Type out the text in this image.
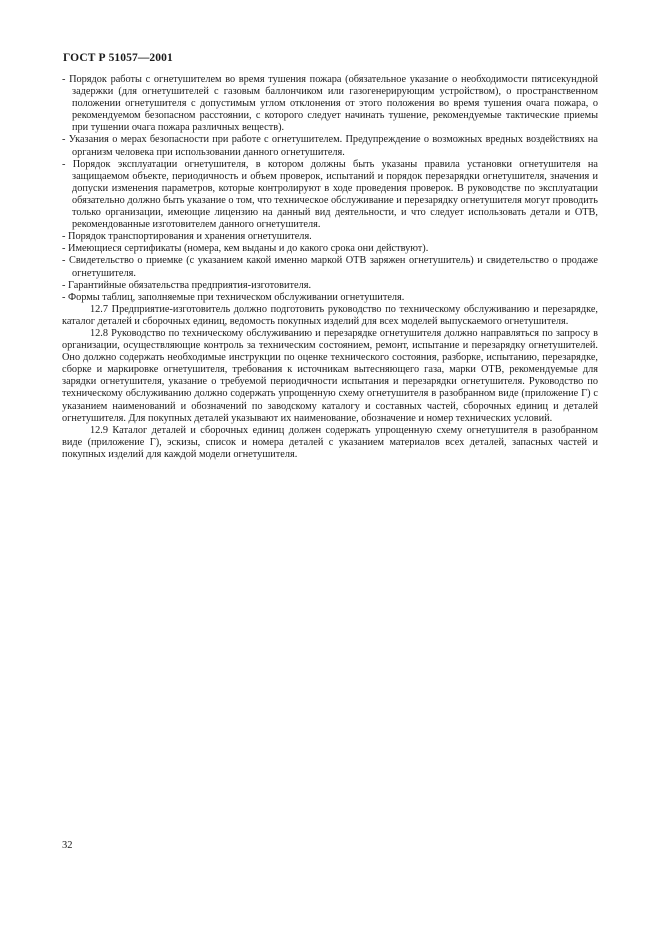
ГОСТ Р 51057—2001

- Порядок работы с огнетушителем во время тушения пожара (обязательное указание о необходимости пятисекундной задержки (для огнетушителей с газовым баллончиком или газогенерирующим устройством), о пространственном положении огнетушителя с допустимым углом отклонения от этого положения во время тушения очага пожара, о рекомендуемом безопасном расстоянии, с которого следует начинать тушение, рекомендуемые тактические приемы при тушении очага пожара различных веществ).

- Указания о мерах безопасности при работе с огнетушителем. Предупреждение о возможных вредных воздействиях на организм человека при использовании данного огнетушителя.

- Порядок эксплуатации огнетушителя, в котором должны быть указаны правила установки огнетушителя на защищаемом объекте, периодичность и объем проверок, испытаний и порядок перезарядки огнетушителя, значения и допуски изменения параметров, которые контролируют в ходе проведения проверок. В руководстве по эксплуатации обязательно должно быть указание о том, что техническое обслуживание и перезарядку огнетушителя могут проводить только организации, имеющие лицензию на данный вид деятельности, и что следует использовать детали и ОТВ, рекомендованные изготовителем данного огнетушителя.

- Порядок транспортирования и хранения огнетушителя.

- Имеющиеся сертификаты (номера, кем выданы и до какого срока они действуют).

- Свидетельство о приемке (с указанием какой именно маркой ОТВ заряжен огнетушитель) и свидетельство о продаже огнетушителя.

- Гарантийные обязательства предприятия-изготовителя.

- Формы таблиц, заполняемые при техническом обслуживании огнетушителя.

12.7 Предприятие-изготовитель должно подготовить руководство по техническому обслуживанию и перезарядке, каталог деталей и сборочных единиц, ведомость покупных изделий для всех моделей выпускаемого огнетушителя.

12.8 Руководство по техническому обслуживанию и перезарядке огнетушителя должно направляться по запросу в организации, осуществляющие контроль за техническим состоянием, ремонт, испытание и перезарядку огнетушителей. Оно должно содержать необходимые инструкции по оценке технического состояния, разборке, испытанию, перезарядке, сборке и маркировке огнетушителя, требования к источникам вытесняющего газа, марки ОТВ, рекомендуемые для зарядки огнетушителя, указание о требуемой периодичности испытания и перезарядки огнетушителя. Руководство по техническому обслуживанию должно содержать упрощенную схему огнетушителя в разобранном виде (приложение Г) с указанием наименований и обозначений по заводскому каталогу и составных частей, сборочных единиц и деталей огнетушителя. Для покупных деталей указывают их наименование, обозначение и номер технических условий.

12.9 Каталог деталей и сборочных единиц должен содержать упрощенную схему огнетушителя в разобранном виде (приложение Г), эскизы, список и номера деталей с указанием материалов всех деталей, запасных частей и покупных изделий для каждой модели огнетушителя.

32
